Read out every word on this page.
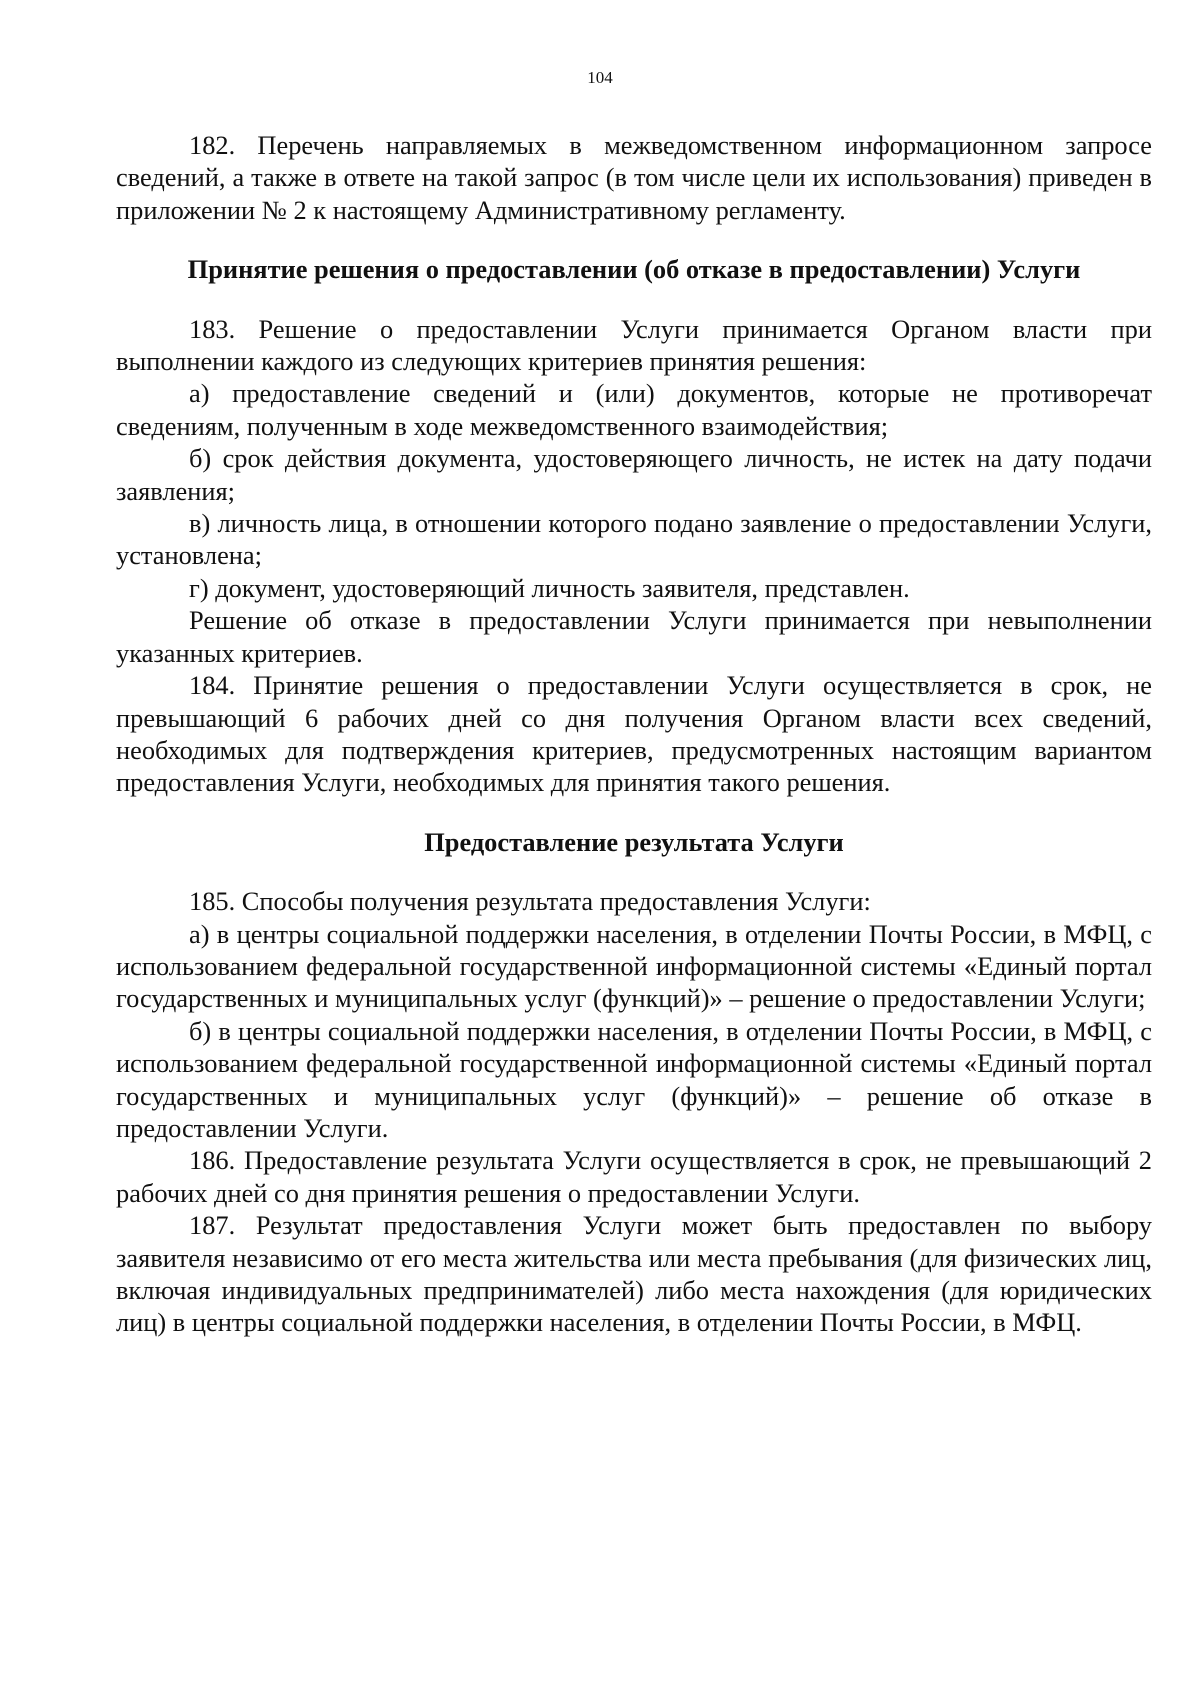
104

182. Перечень направляемых в межведомственном информационном запросе сведений, а также в ответе на такой запрос (в том числе цели их использования) приведен в приложении № 2 к настоящему Административному регламенту.

Принятие решения о предоставлении (об отказе в предоставлении) Услуги

183. Решение о предоставлении Услуги принимается Органом власти при выполнении каждого из следующих критериев принятия решения:

а) предоставление сведений и (или) документов, которые не противоречат сведениям, полученным в ходе межведомственного взаимодействия;

б) срок действия документа, удостоверяющего личность, не истек на дату подачи заявления;

в) личность лица, в отношении которого подано заявление о предоставлении Услуги, установлена;

г) документ, удостоверяющий личность заявителя, представлен.

Решение об отказе в предоставлении Услуги принимается при невыполнении указанных критериев.

184. Принятие решения о предоставлении Услуги осуществляется в срок, не превышающий 6 рабочих дней со дня получения Органом власти всех сведений, необходимых для подтверждения критериев, предусмотренных настоящим вариантом предоставления Услуги, необходимых для принятия такого решения.

Предоставление результата Услуги

185. Способы получения результата предоставления Услуги:

а) в центры социальной поддержки населения, в отделении Почты России, в МФЦ, с использованием федеральной государственной информационной системы «Единый портал государственных и муниципальных услуг (функций)» – решение о предоставлении Услуги;

б) в центры социальной поддержки населения, в отделении Почты России, в МФЦ, с использованием федеральной государственной информационной системы «Единый портал государственных и муниципальных услуг (функций)» – решение об отказе в предоставлении Услуги.

186. Предоставление результата Услуги осуществляется в срок, не превышающий 2 рабочих дней со дня принятия решения о предоставлении Услуги.

187. Результат предоставления Услуги может быть предоставлен по выбору заявителя независимо от его места жительства или места пребывания (для физических лиц, включая индивидуальных предпринимателей) либо места нахождения (для юридических лиц) в центры социальной поддержки населения, в отделении Почты России, в МФЦ.
